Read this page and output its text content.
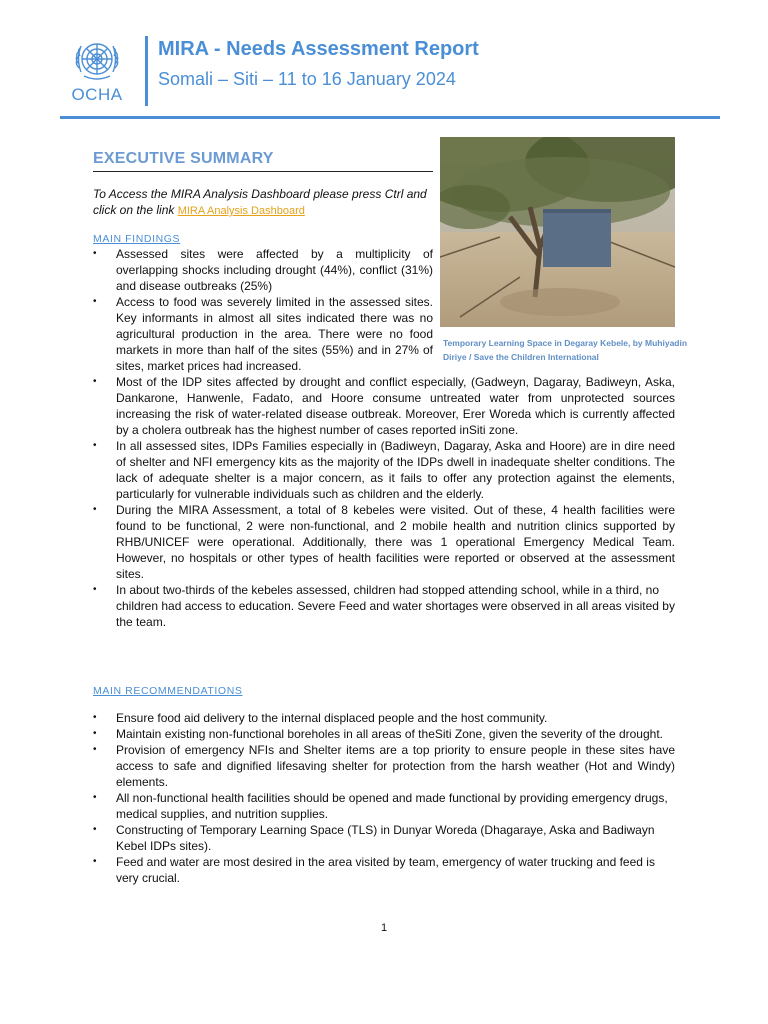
OCHA
MIRA - Needs Assessment Report
Somali – Siti – 11 to 16 January 2024
EXECUTIVE SUMMARY

To Access the MIRA Analysis Dashboard please press Ctrl and click on the link MIRA Analysis Dashboard

Temporary Learning Space in Degaray Kebele, by Muhiyadin Diriye / Save the Children International
MAIN FINDINGS
• Assessed sites were affected by a multiplicity of overlapping shocks including drought (44%), conflict (31%) and disease outbreaks (25%)
• Access to food was severely limited in the assessed sites. Key informants in almost all sites indicated there was no agricultural production in the area. There were no food markets in more than half of the sites (55%) and in 27% of sites, market prices had increased.
• Most of the IDP sites affected by drought and conflict especially, (Gadweyn, Dagaray, Badiweyn, Aska, Dankarone, Hanwenle, Fadato, and Hoore consume untreated water from unprotected sources increasing the risk of water-related disease outbreak. Moreover, Erer Woreda which is currently affected by a cholera outbreak has the highest number of cases reported inSiti zone.
• In all assessed sites, IDPs Families especially in (Badiweyn, Dagaray, Aska and Hoore) are in dire need of shelter and NFI emergency kits as the majority of the IDPs dwell in inadequate shelter conditions. The lack of adequate shelter is a major concern, as it fails to offer any protection against the elements, particularly for vulnerable individuals such as children and the elderly.
• During the MIRA Assessment, a total of 8 kebeles were visited. Out of these, 4 health facilities were found to be functional, 2 were non-functional, and 2 mobile health and nutrition clinics supported by RHB/UNICEF were operational. Additionally, there was 1 operational Emergency Medical Team. However, no hospitals or other types of health facilities were reported or observed at the assessment sites.
• In about two-thirds of the kebeles assessed, children had stopped attending school, while in a third, no children had access to education. Severe Feed and water shortages were observed in all areas visited by the team.
MAIN RECOMMENDATIONS
• Ensure food aid delivery to the internal displaced people and the host community.
• Maintain existing non-functional boreholes in all areas of theSiti Zone, given the severity of the drought.
• Provision of emergency NFIs and Shelter items are a top priority to ensure people in these sites have access to safe and dignified lifesaving shelter for protection from the harsh weather (Hot and Windy) elements.
• All non-functional health facilities should be opened and made functional by providing emergency drugs, medical supplies, and nutrition supplies.
• Constructing of Temporary Learning Space (TLS) in Dunyar Woreda (Dhagaraye, Aska and Badiwayn Kebel IDPs sites).
• Feed and water are most desired in the area visited by team, emergency of water trucking and feed is very crucial.
1
